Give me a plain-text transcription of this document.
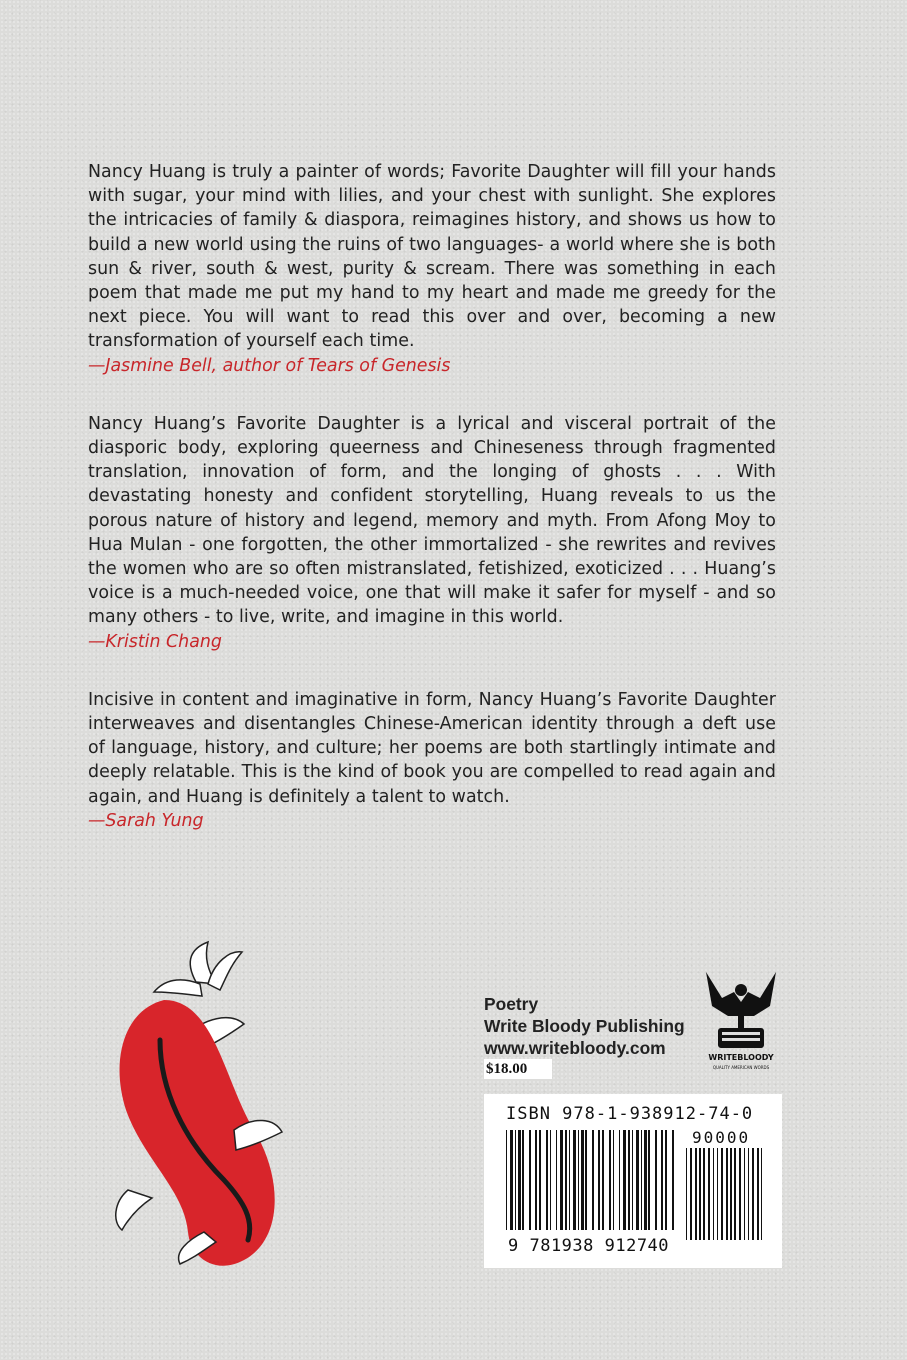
Nancy Huang is truly a painter of words; Favorite Daughter will fill your hands with sugar, your mind with lilies, and your chest with sunlight. She explores the intricacies of family & diaspora, reimagines history, and shows us how to build a new world using the ruins of two languages- a world where she is both sun & river, south & west, purity & scream. There was something in each poem that made me put my hand to my heart and made me greedy for the next piece. You will want to read this over and over, becoming a new transformation of yourself each time.

—Jasmine Bell, author of Tears of Genesis

Nancy Huang’s Favorite Daughter is a lyrical and visceral portrait of the diasporic body, exploring queerness and Chineseness through fragmented translation, innovation of form, and the longing of ghosts . . . With devastating honesty and confident storytelling, Huang reveals to us the porous nature of history and legend, memory and myth. From Afong Moy to Hua Mulan - one forgotten, the other immortalized - she rewrites and revives the women who are so often mistranslated, fetishized, exoticized . . . Huang’s voice is a much-needed voice, one that will make it safer for myself - and so many others - to live, write, and imagine in this world.

—Kristin Chang

Incisive in content and imaginative in form, Nancy Huang’s Favorite Daughter interweaves and disentangles Chinese-American identity through a deft use of language, history, and culture; her poems are both startlingly intimate and deeply relatable. This is the kind of book you are compelled to read again and again, and Huang is definitely a talent to watch.

—Sarah Yung

Poetry
Write Bloody Publishing
www.writebloody.com
$18.00
WRITEBLOODY
QUALITY AMERICAN WORDS
ISBN 978-1-938912-74-0
90000
9 781938 912740
